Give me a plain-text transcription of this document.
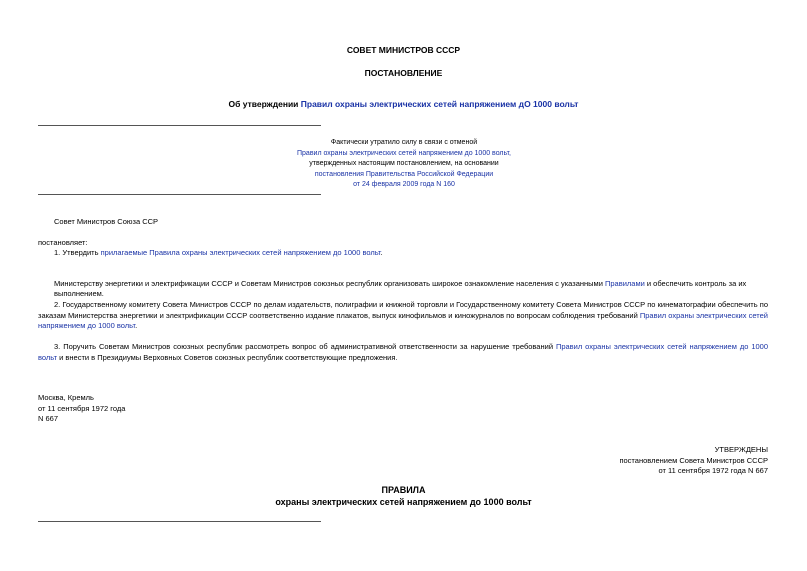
СОВЕТ МИНИСТРОВ СССР
ПОСТАНОВЛЕНИЕ
Об утверждении Правил охраны электрических сетей напряжением дО 1000 вольт
Фактически утратило силу в связи с отменой
Правил охраны электрических сетей напряжением до 1000 вольт,
утвержденных настоящим постановлением, на основании
постановления Правительства Российской Федерации
от 24 февраля 2009 года N 160
Совет Министров Союза ССР
постановляет:
1. Утвердить прилагаемые Правила охраны электрических сетей напряжением до 1000 вольт.
Министерству энергетики и электрификации СССР и Советам Министров союзных республик организовать широкое ознакомление населения с указанными Правилами и обеспечить контроль за их выполнением.
2. Государственному комитету Совета Министров СССР по делам издательств, полиграфии и книжной торговли и Государственному комитету Совета Министров СССР по кинематографии обеспечить по заказам Министерства энергетики и электрификации СССР соответственно издание плакатов, выпуск кинофильмов и киножурналов по вопросам соблюдения требований Правил охраны электрических сетей напряжением до 1000 вольт.
3. Поручить Советам Министров союзных республик рассмотреть вопрос об административной ответственности за нарушение требований Правил охраны электрических сетей напряжением до 1000 вольт и внести в Президиумы Верховных Советов союзных республик соответствующие предложения.
Москва, Кремль
от 11 сентября 1972 года
N 667
УТВЕРЖДЕНЫ
постановлением Совета Министров СССР
от 11 сентября 1972 года N 667
ПРАВИЛА
охраны электрических сетей напряжением до 1000 вольт
